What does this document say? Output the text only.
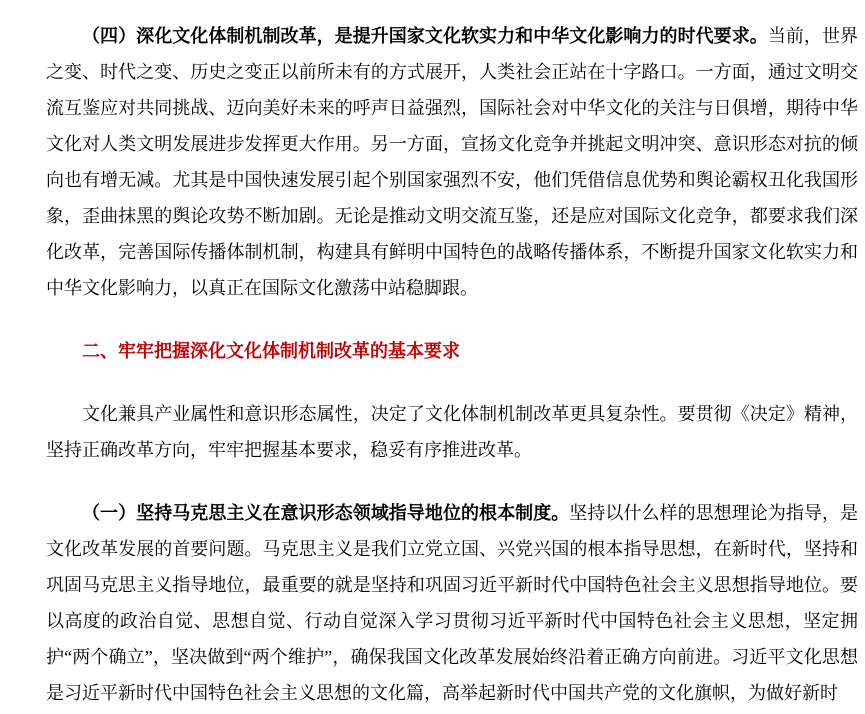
（四）深化文化体制机制改革，是提升国家文化软实力和中华文化影响力的时代要求。当前，世界之变、时代之变、历史之变正以前所未有的方式展开，人类社会正站在十字路口。一方面，通过文明交流互鉴应对共同挑战、迈向美好未来的呼声日益强烈，国际社会对中华文化的关注与日俱增，期待中华文化对人类文明发展进步发挥更大作用。另一方面，宣扬文化竞争并挑起文明冲突、意识形态对抗的倾向也有增无减。尤其是中国快速发展引起个别国家强烈不安，他们凭借信息优势和舆论霸权丑化我国形象，歪曲抹黑的舆论攻势不断加剧。无论是推动文明交流互鉴，还是应对国际文化竞争，都要求我们深化改革，完善国际传播体制机制，构建具有鲜明中国特色的战略传播体系，不断提升国家文化软实力和中华文化影响力，以真正在国际文化激荡中站稳脚跟。

二、牢牢把握深化文化体制机制改革的基本要求

文化兼具产业属性和意识形态属性，决定了文化体制机制改革更具复杂性。要贯彻《决定》精神，坚持正确改革方向，牢牢把握基本要求，稳妥有序推进改革。

（一）坚持马克思主义在意识形态领域指导地位的根本制度。坚持以什么样的思想理论为指导，是文化改革发展的首要问题。马克思主义是我们立党立国、兴党兴国的根本指导思想，在新时代，坚持和巩固马克思主义指导地位，最重要的就是坚持和巩固习近平新时代中国特色社会主义思想指导地位。要以高度的政治自觉、思想自觉、行动自觉深入学习贯彻习近平新时代中国特色社会主义思想，坚定拥护“两个确立”，坚决做到“两个维护”，确保我国文化改革发展始终沿着正确方向前进。习近平文化思想是习近平新时代中国特色社会主义思想的文化篇，高举起新时代中国共产党的文化旗帜，为做好新时
